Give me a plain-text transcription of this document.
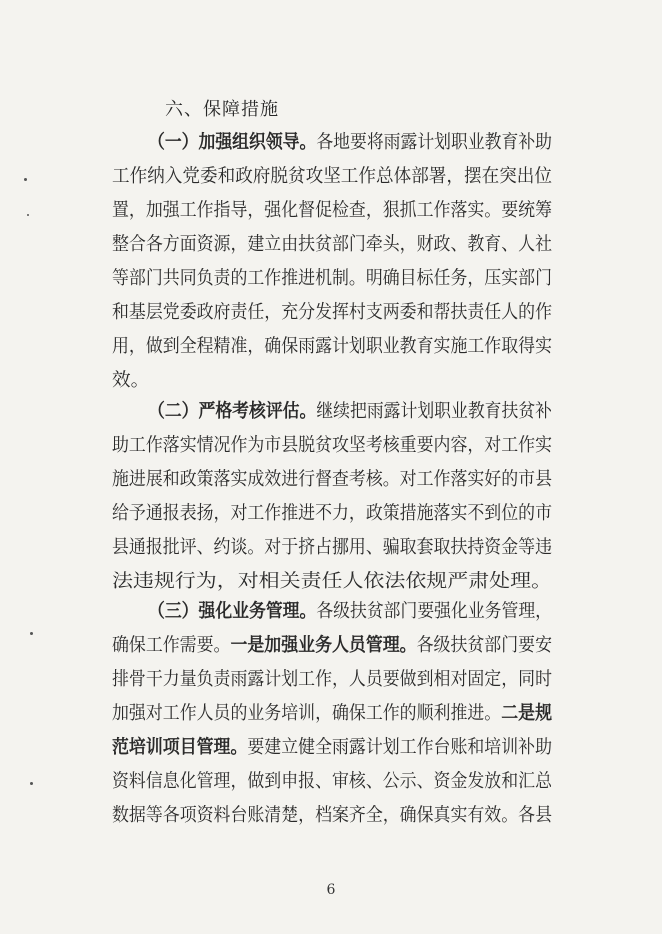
六、保障措施
（一）加强组织领导。各地要将雨露计划职业教育补助
工作纳入党委和政府脱贫攻坚工作总体部署，摆在突出位
置，加强工作指导，强化督促检查，狠抓工作落实。要统筹
整合各方面资源，建立由扶贫部门牵头，财政、教育、人社
等部门共同负责的工作推进机制。明确目标任务，压实部门
和基层党委政府责任，充分发挥村支两委和帮扶责任人的作
用，做到全程精准，确保雨露计划职业教育实施工作取得实
效。
（二）严格考核评估。继续把雨露计划职业教育扶贫补
助工作落实情况作为市县脱贫攻坚考核重要内容，对工作实
施进展和政策落实成效进行督查考核。对工作落实好的市县
给予通报表扬，对工作推进不力，政策措施落实不到位的市
县通报批评、约谈。对于挤占挪用、骗取套取扶持资金等违
法违规行为，对相关责任人依法依规严肃处理。
（三）强化业务管理。各级扶贫部门要强化业务管理，
确保工作需要。一是加强业务人员管理。各级扶贫部门要安
排骨干力量负责雨露计划工作，人员要做到相对固定，同时
加强对工作人员的业务培训，确保工作的顺利推进。二是规
范培训项目管理。要建立健全雨露计划工作台账和培训补助
资料信息化管理，做到申报、审核、公示、资金发放和汇总
数据等各项资料台账清楚，档案齐全，确保真实有效。各县
6
